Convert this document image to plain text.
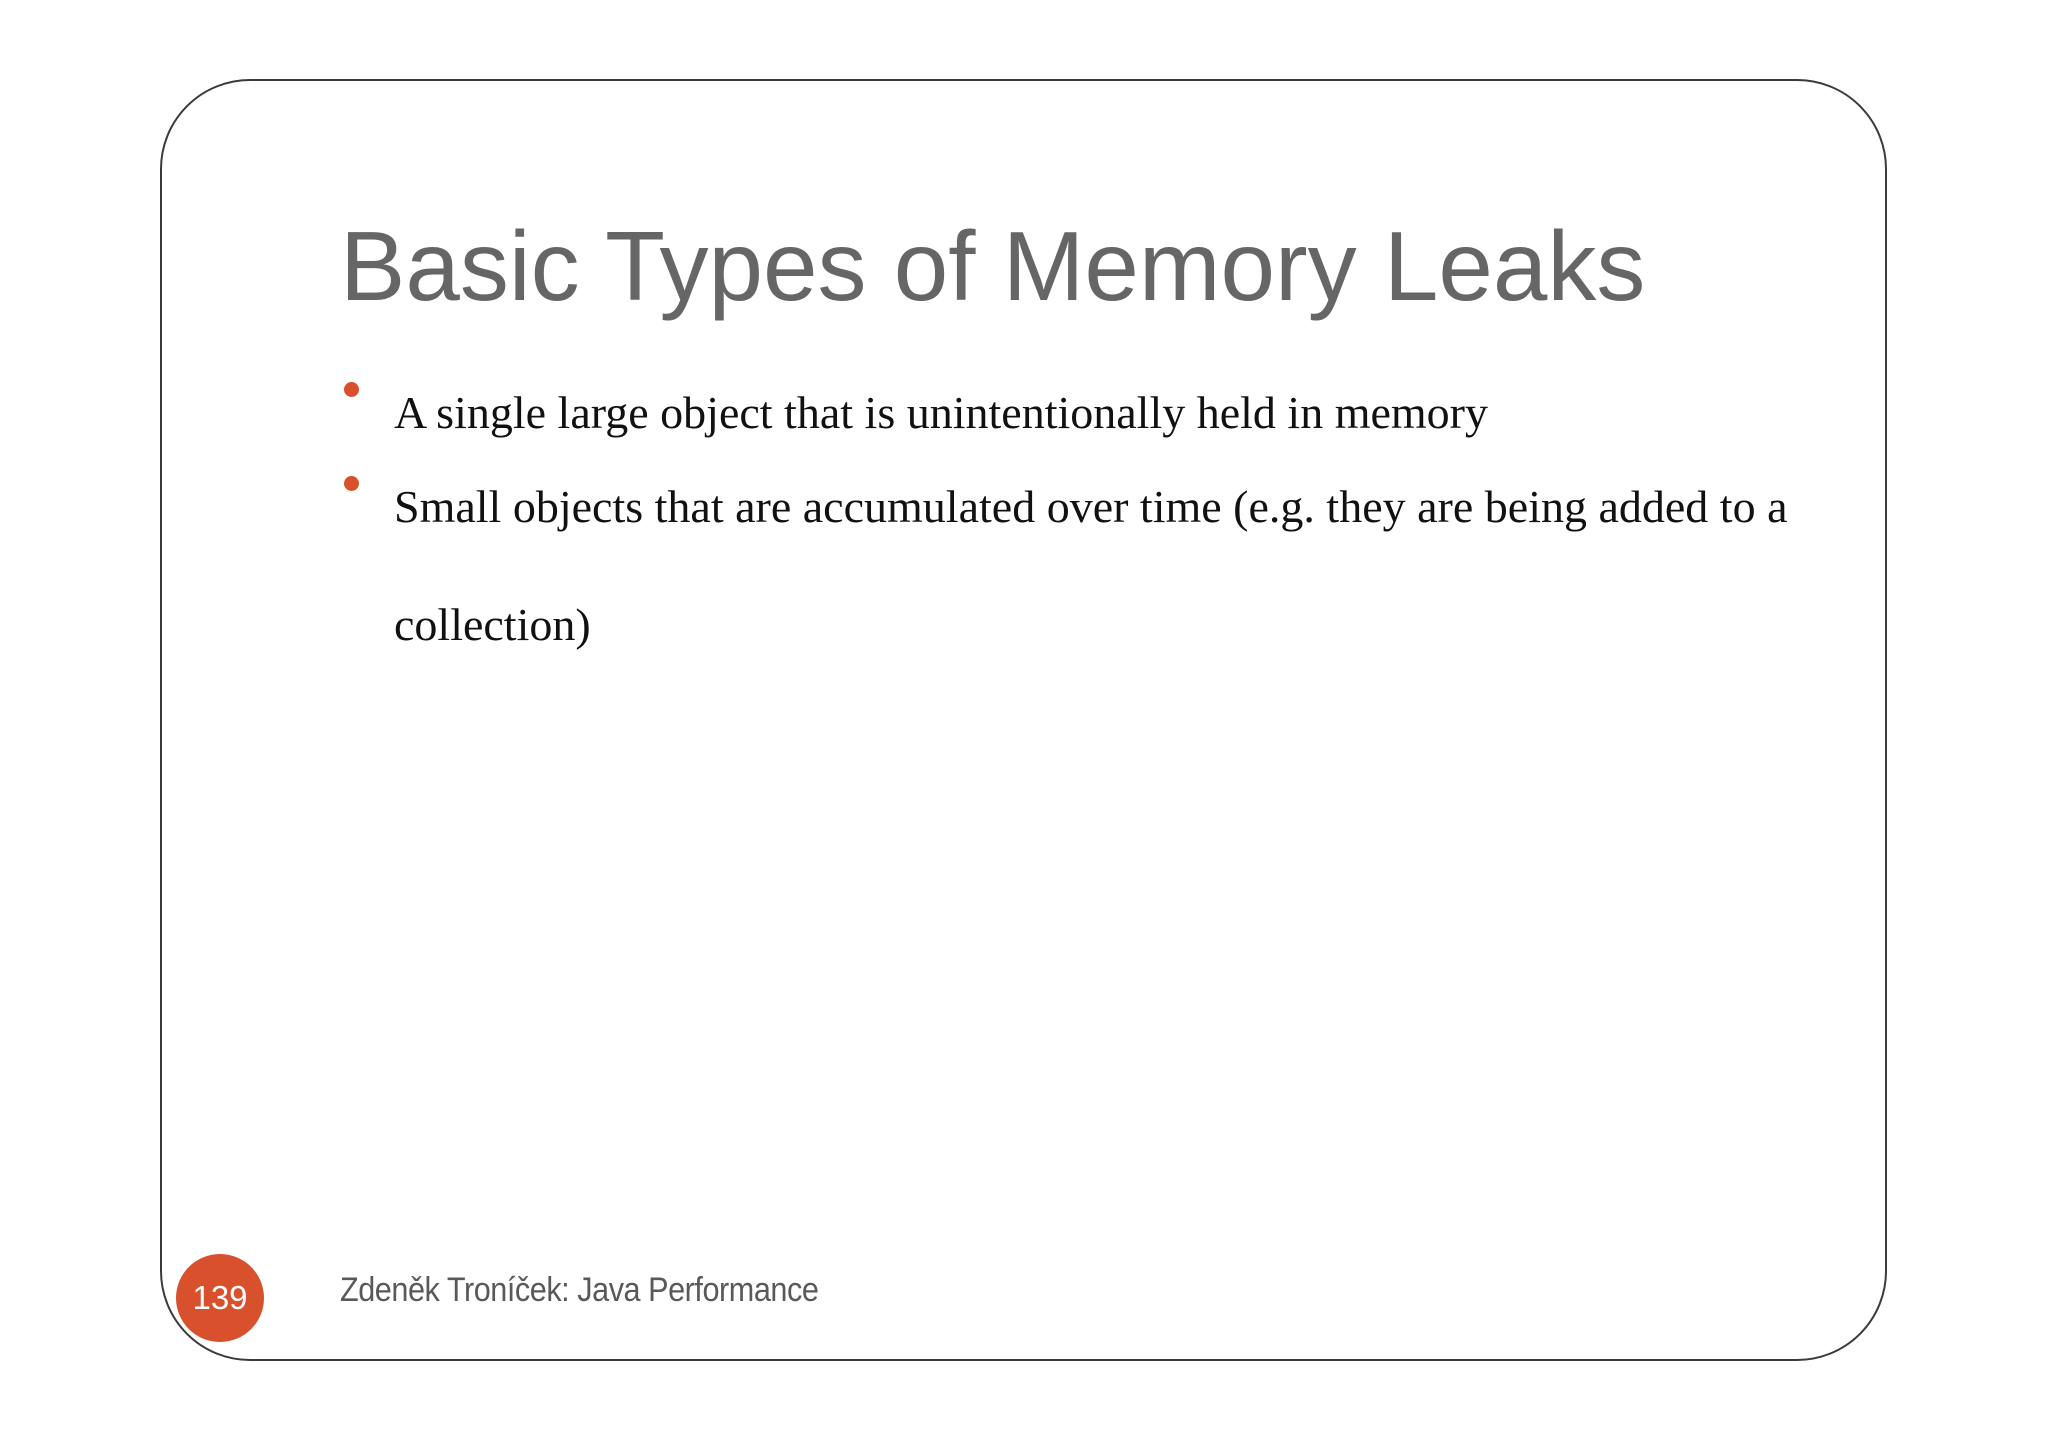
Basic Types of Memory Leaks
A single large object that is unintentionally held in memory
Small objects that are accumulated over time (e.g. they are being added to a collection)
139	Zdeněk Troníček: Java Performance
